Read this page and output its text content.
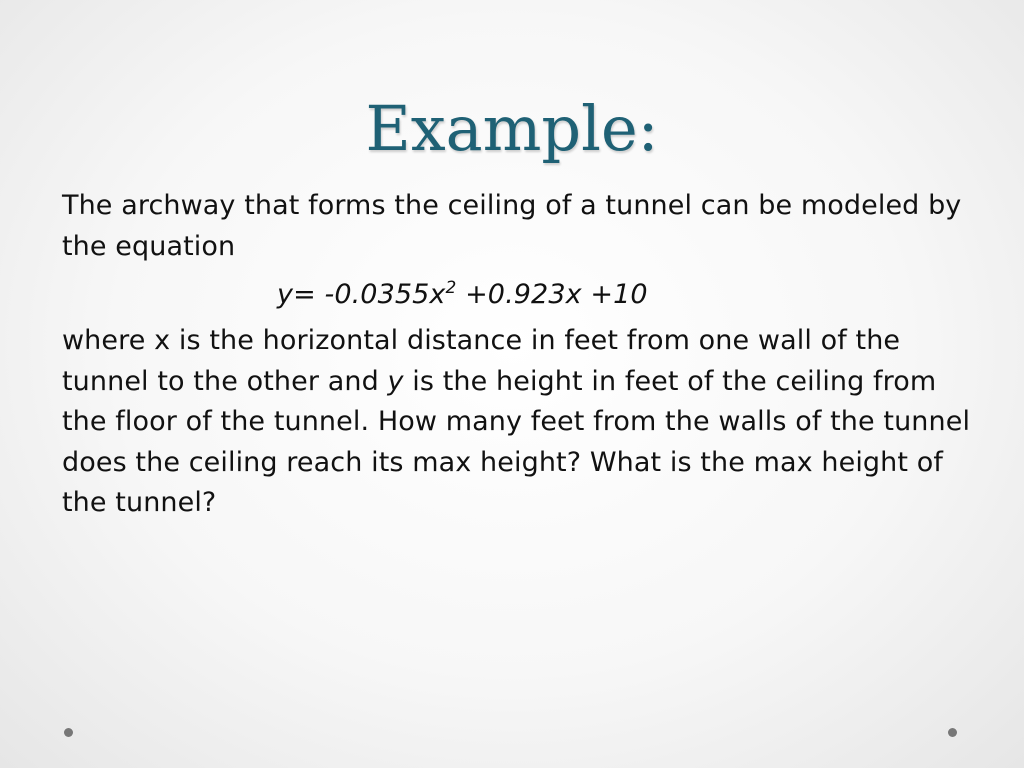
Example:

The archway that forms the ceiling of a tunnel can be modeled by the equation

$y= -0.0355x^2 +0.923x +10$

where x is the horizontal distance in feet from one wall of the tunnel to the other and y is the height in feet of the ceiling from the floor of the tunnel. How many feet from the walls of the tunnel does the ceiling reach its max height? What is the max height of the tunnel?
